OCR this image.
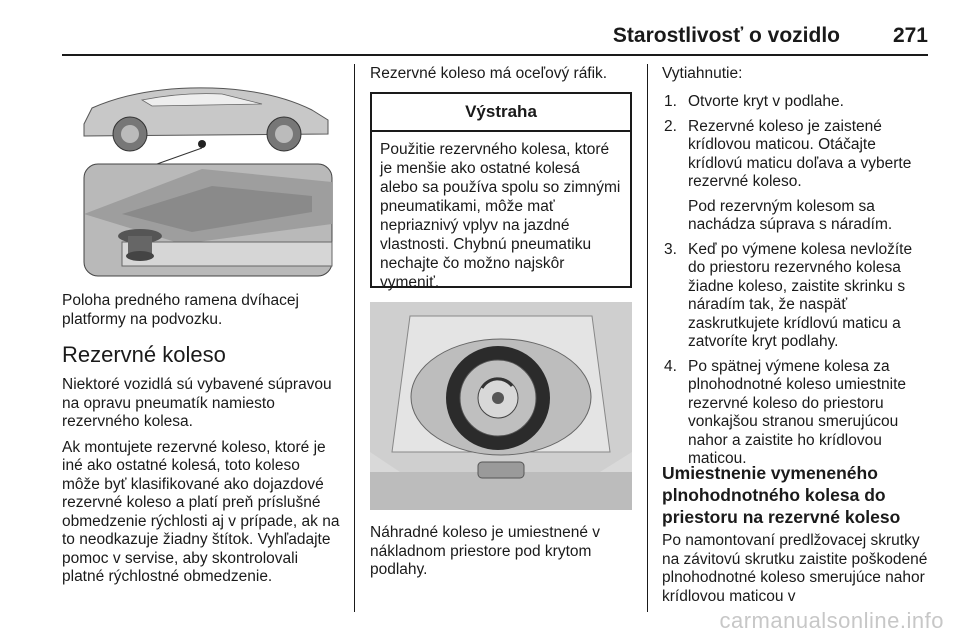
Starostlivosť o vozidlo	271

Poloha predného ramena dvíhacej platformy na podvozku.

Rezervné koleso

Niektoré vozidlá sú vybavené súpravou na opravu pneumatík namiesto rezervného kolesa.

Ak montujete rezervné koleso, ktoré je iné ako ostatné kolesá, toto koleso môže byť klasifikované ako dojazdové rezervné koleso a platí preň príslušné obmedzenie rýchlosti aj v prípade, ak na to neodkazuje žiadny štítok. Vyhľadajte pomoc v servise, aby skontrolovali platné rýchlostné obmedzenie.

Rezervné koleso má oceľový ráfik.

Výstraha
Použitie rezervného kolesa, ktoré je menšie ako ostatné kolesá alebo sa používa spolu so zimnými pneumatikami, môže mať nepriaznivý vplyv na jazdné vlastnosti. Chybnú pneumatiku nechajte čo možno najskôr vymeniť.

Náhradné koleso je umiestnené v nákladnom priestore pod krytom podlahy.

Vytiahnutie:

1. Otvorte kryt v podlahe.
2. Rezervné koleso je zaistené krídlovou maticou. Otáčajte krídlovú maticu doľava a vyberte rezervné koleso.
Pod rezervným kolesom sa nachádza súprava s náradím.
3. Keď po výmene kolesa nevložíte do priestoru rezervného kolesa žiadne koleso, zaistite skrinku s náradím tak, že naspäť zaskrutkujete krídlovú maticu a zatvoríte kryt podlahy.
4. Po spätnej výmene kolesa za plnohodnotné koleso umiestnite rezervné koleso do priestoru vonkajšou stranou smerujúcou nahor a zaistite ho krídlovou maticou.
Umiestnenie vymeneného plnohodnotného kolesa do priestoru na rezervné koleso

Po namontovaní predlžovacej skrutky na závitovú skrutku zaistite poškodené plnohodnotné koleso smerujúce nahor krídlovou maticou v

carmanualsonline.info
